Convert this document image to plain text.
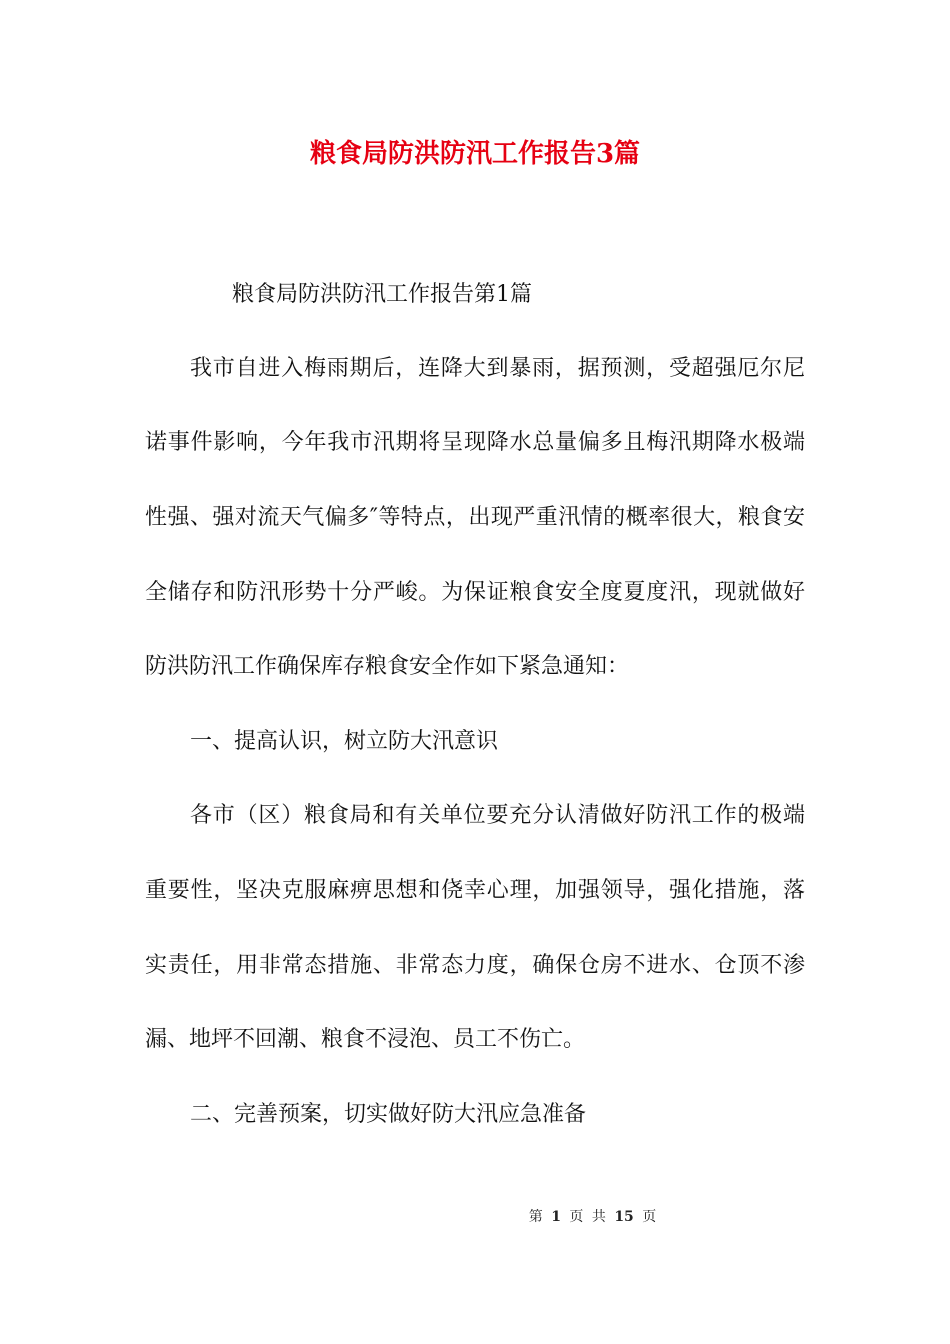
粮食局防洪防汛工作报告3篇
粮食局防洪防汛工作报告第1篇
我市自进入梅雨期后，连降大到暴雨，据预测，受超强厄尔尼
诺事件影响，今年我市汛期将呈现降水总量偏多且梅汛期降水极端
性强、强对流天气偏多″等特点，出现严重汛情的概率很大，粮食安
全储存和防汛形势十分严峻。为保证粮食安全度夏度汛，现就做好
防洪防汛工作确保库存粮食安全作如下紧急通知：
一、提高认识，树立防大汛意识
各市（区）粮食局和有关单位要充分认清做好防汛工作的极端
重要性，坚决克服麻痹思想和侥幸心理，加强领导，强化措施，落
实责任，用非常态措施、非常态力度，确保仓房不进水、仓顶不渗
漏、地坪不回潮、粮食不浸泡、员工不伤亡。
二、完善预案，切实做好防大汛应急准备
第 1 页 共 15 页
